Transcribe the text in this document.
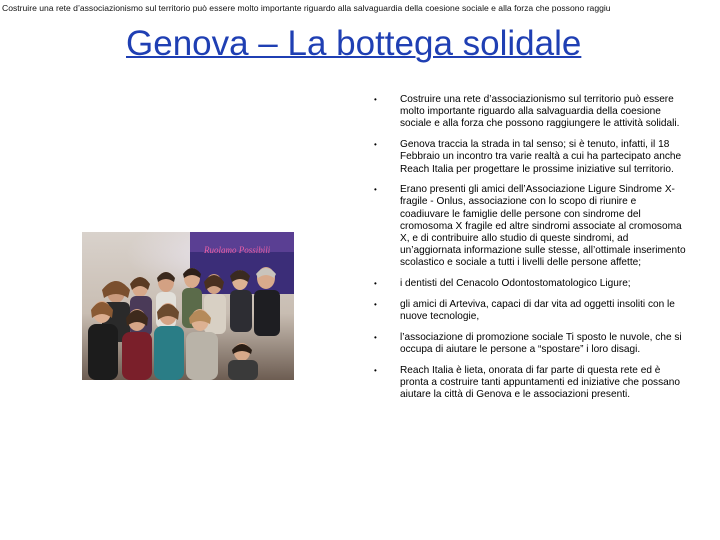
Costruire una rete d’associazionismo sul territorio può essere molto importante riguardo alla salvaguardia della coesione sociale e alla forza che possono raggiu
Genova – La bottega solidale
Ruolamo Possibili
• Costruire una rete d’associazionismo sul territorio può essere molto importante riguardo alla salvaguardia della coesione sociale e alla forza che possono raggiungere le attività solidali.
• Genova traccia la strada in tal senso; si è tenuto, infatti, il 18 Febbraio un incontro tra varie realtà a cui ha partecipato anche Reach Italia per progettare le prossime iniziative sul territorio.
• Erano presenti gli amici dell’Associazione Ligure Sindrome X-fragile - Onlus, associazione con lo scopo di riunire e coadiuvare le famiglie delle persone con sindrome del cromosoma X fragile ed altre sindromi associate al cromosoma X, e di contribuire allo studio di queste sindromi, ad un’aggiornata informazione sulle stesse, all’ottimale inserimento scolastico e sociale a tutti i livelli delle persone affette;
• i dentisti del Cenacolo Odontostomatologico Ligure;
• gli amici di Arteviva, capaci di dar vita ad oggetti insoliti con le nuove tecnologie,
• l’associazione di promozione sociale Ti sposto le nuvole, che si occupa di aiutare le persone a “spostare” i loro disagi.
• Reach Italia è lieta, onorata di far parte di questa rete ed è pronta a costruire tanti appuntamenti ed iniziative che possano aiutare la città di Genova e le associazioni presenti.
